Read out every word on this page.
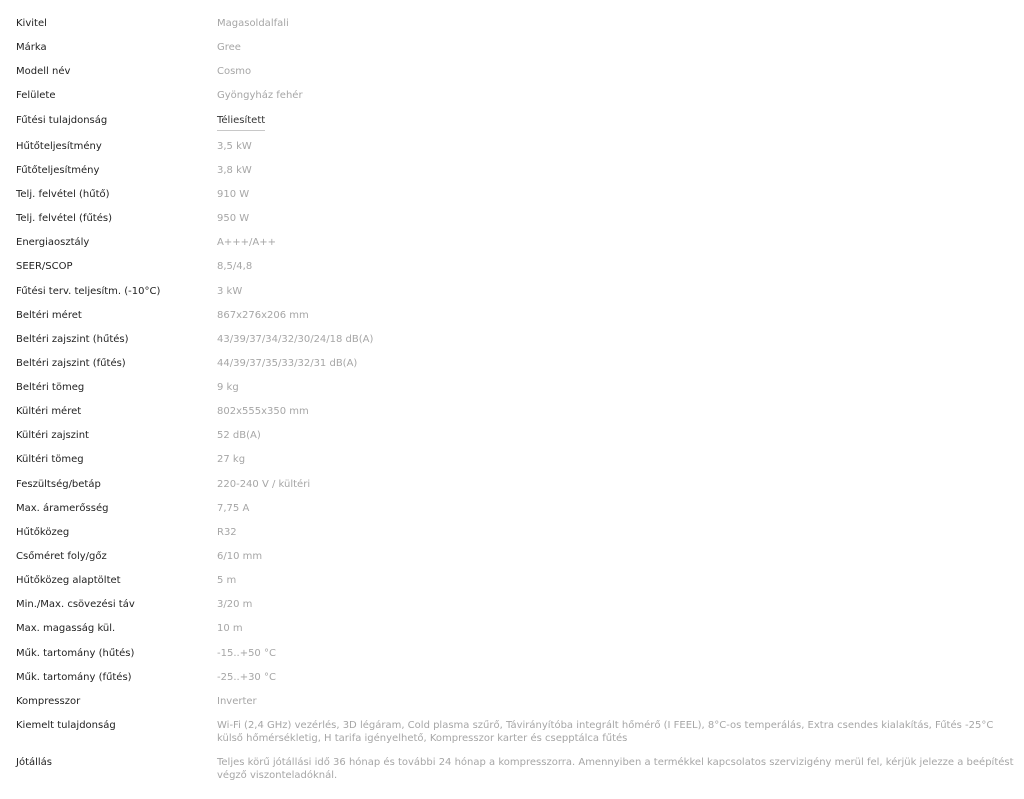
Kivitel	Magasoldalfali
Márka	Gree
Modell név	Cosmo
Felülete	Gyöngyház fehér
Fűtési tulajdonság	Téliesített
Hűtőteljesítmény	3,5 kW
Fűtőteljesítmény	3,8 kW
Telj. felvétel (hűtő)	910 W
Telj. felvétel (fűtés)	950 W
Energiaosztály	A+++/A++
SEER/SCOP	8,5/4,8
Fűtési terv. teljesítm. (-10°C)	3 kW
Beltéri méret	867x276x206 mm
Beltéri zajszint (hűtés)	43/39/37/34/32/30/24/18 dB(A)
Beltéri zajszint (fűtés)	44/39/37/35/33/32/31 dB(A)
Beltéri tömeg	9 kg
Kültéri méret	802x555x350 mm
Kültéri zajszint	52 dB(A)
Kültéri tömeg	27 kg
Feszültség/betáp	220-240 V / kültéri
Max. áramerősség	7,75 A
Hűtőközeg	R32
Csőméret foly/gőz	6/10 mm
Hűtőközeg alaptöltet	5 m
Min./Max. csövezési táv	3/20 m
Max. magasság kül.	10 m
Műk. tartomány (hűtés)	-15..+50 °C
Műk. tartomány (fűtés)	-25..+30 °C
Kompresszor	Inverter
Kiemelt tulajdonság	Wi-Fi (2,4 GHz) vezérlés, 3D légáram, Cold plasma szűrő, Távirányítóba integrált hőmérő (I FEEL), 8°C-os temperálás, Extra csendes kialakítás, Fűtés -25°C külső hőmérsékletig, H tarifa igényelhető, Kompresszor karter és csepptálca fűtés
Jótállás	Teljes körű jótállási idő 36 hónap és további 24 hónap a kompresszorra. Amennyiben a termékkel kapcsolatos szervizigény merül fel, kérjük jelezze a beépítést végző viszonteladóknál.
